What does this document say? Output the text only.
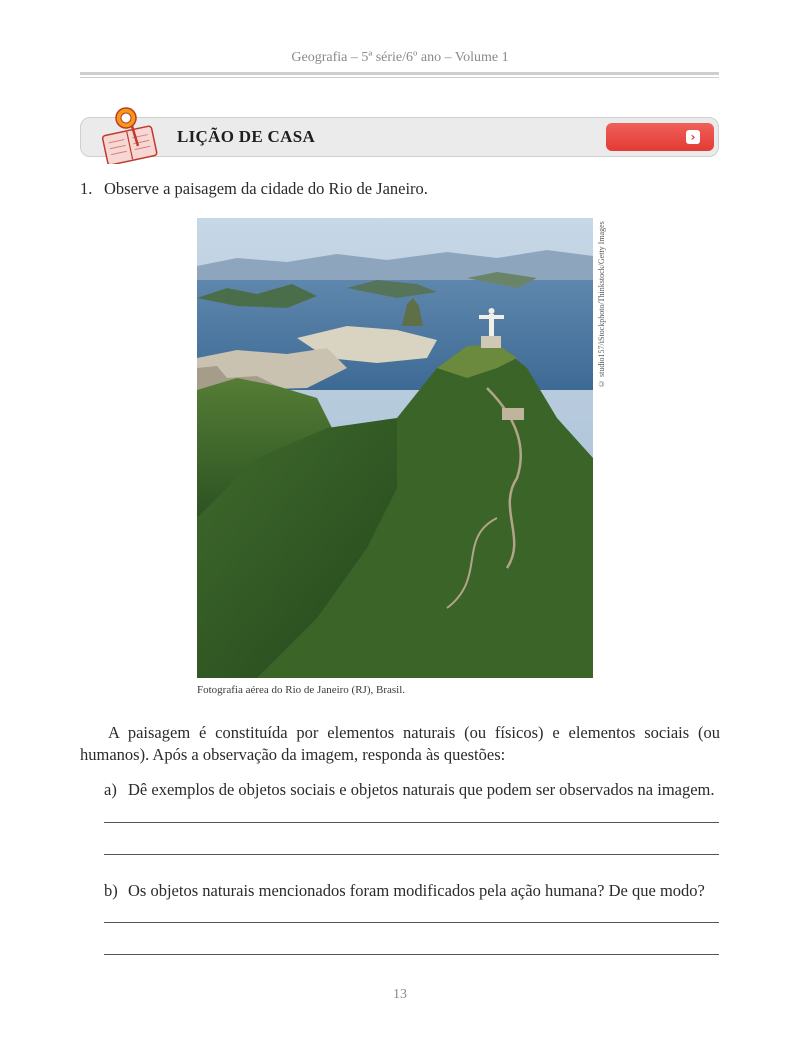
Geografia – 5ª série/6º ano – Volume 1
LIÇÃO DE CASA	›
1. Observe a paisagem da cidade do Rio de Janeiro.
© studio157/iStockphoto/Thinkstock/Getty Images
Fotografia aérea do Rio de Janeiro (RJ), Brasil.
A paisagem é constituída por elementos naturais (ou físicos) e elementos sociais (ou humanos). Após a observação da imagem, responda às questões:
a) Dê exemplos de objetos sociais e objetos naturais que podem ser observados na imagem.
b) Os objetos naturais mencionados foram modificados pela ação humana? De que modo?
13
